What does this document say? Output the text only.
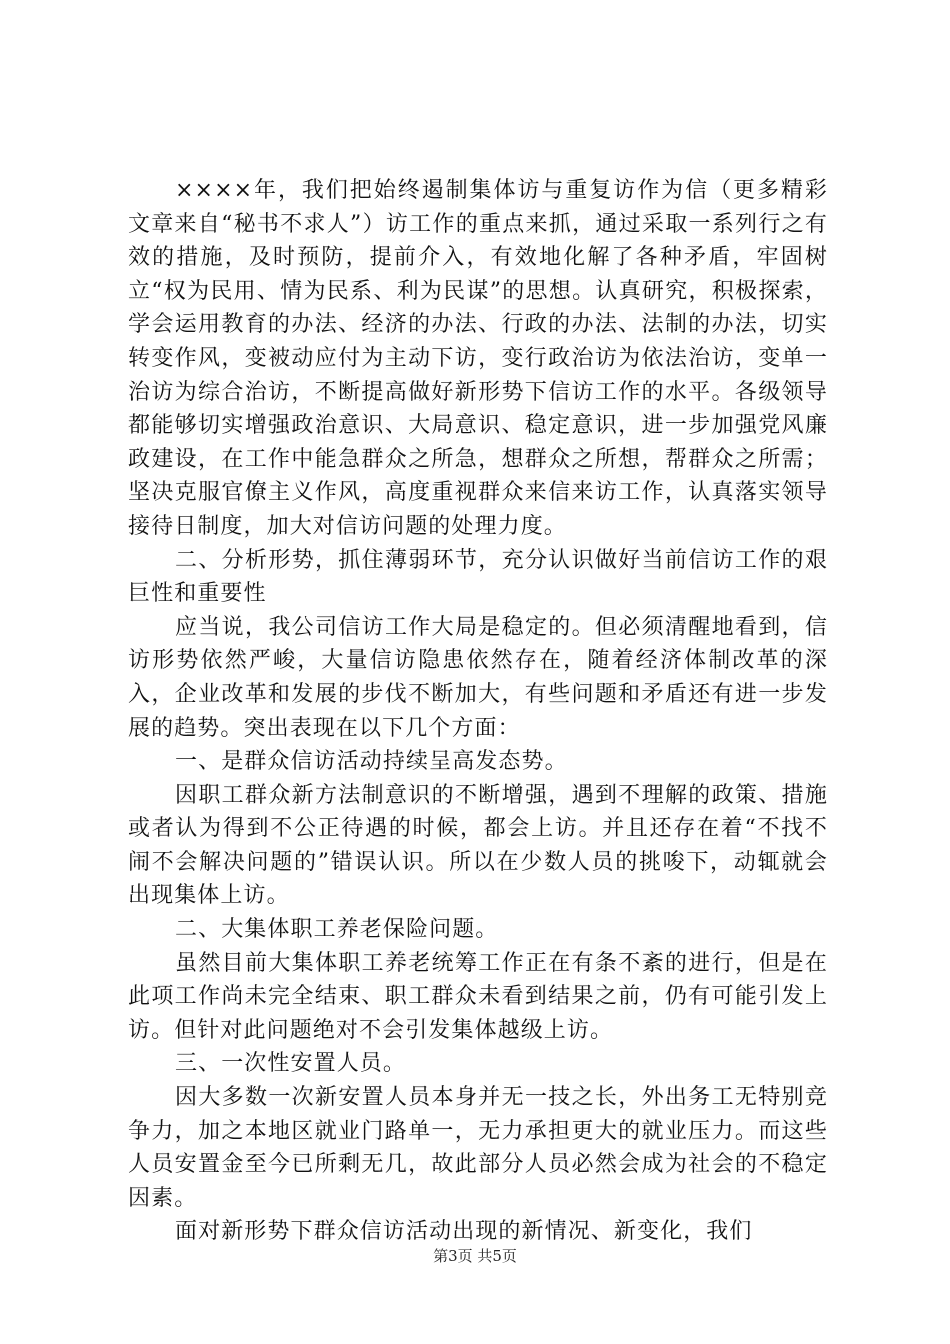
××××年，我们把始终遏制集体访与重复访作为信（更多精彩文章来自“秘书不求人”）访工作的重点来抓，通过采取一系列行之有效的措施，及时预防，提前介入，有效地化解了各种矛盾，牢固树立“权为民用、情为民系、利为民谋”的思想。认真研究，积极探索，学会运用教育的办法、经济的办法、行政的办法、法制的办法，切实转变作风，变被动应付为主动下访，变行政治访为依法治访，变单一治访为综合治访，不断提高做好新形势下信访工作的水平。各级领导都能够切实增强政治意识、大局意识、稳定意识，进一步加强党风廉政建设，在工作中能急群众之所急，想群众之所想，帮群众之所需；坚决克服官僚主义作风，高度重视群众来信来访工作，认真落实领导接待日制度，加大对信访问题的处理力度。

二、分析形势，抓住薄弱环节，充分认识做好当前信访工作的艰巨性和重要性

应当说，我公司信访工作大局是稳定的。但必须清醒地看到，信访形势依然严峻，大量信访隐患依然存在，随着经济体制改革的深入，企业改革和发展的步伐不断加大，有些问题和矛盾还有进一步发展的趋势。突出表现在以下几个方面：

一、是群众信访活动持续呈高发态势。

因职工群众新方法制意识的不断增强，遇到不理解的政策、措施或者认为得到不公正待遇的时候，都会上访。并且还存在着“不找不闹不会解决问题的”错误认识。所以在少数人员的挑唆下，动辄就会出现集体上访。

二、大集体职工养老保险问题。

虽然目前大集体职工养老统筹工作正在有条不紊的进行，但是在此项工作尚未完全结束、职工群众未看到结果之前，仍有可能引发上访。但针对此问题绝对不会引发集体越级上访。

三、一次性安置人员。

因大多数一次新安置人员本身并无一技之长，外出务工无特别竞争力，加之本地区就业门路单一，无力承担更大的就业压力。而这些人员安置金至今已所剩无几，故此部分人员必然会成为社会的不稳定因素。

面对新形势下群众信访活动出现的新情况、新变化，我们

第3页 共5页
